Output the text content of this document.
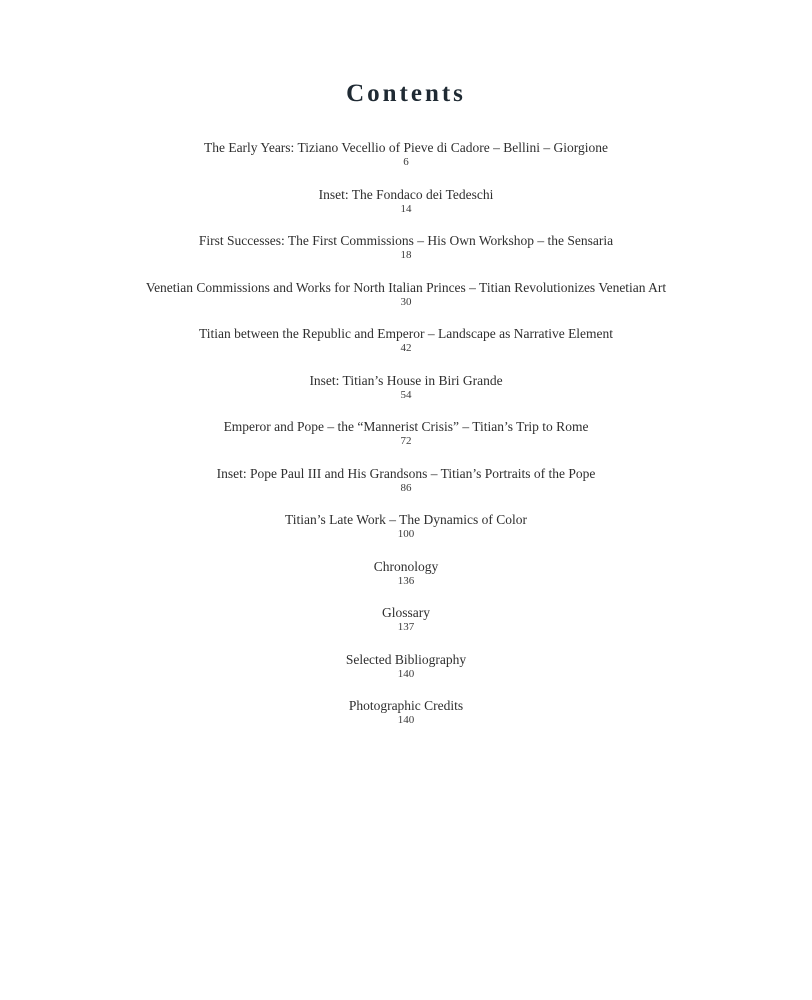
Contents
The Early Years: Tiziano Vecellio of Pieve di Cadore – Bellini – Giorgione
6
Inset: The Fondaco dei Tedeschi
14
First Successes: The First Commissions – His Own Workshop – the Sensaria
18
Venetian Commissions and Works for North Italian Princes – Titian Revolutionizes Venetian Art
30
Titian between the Republic and Emperor – Landscape as Narrative Element
42
Inset: Titian’s House in Biri Grande
54
Emperor and Pope – the “Mannerist Crisis” – Titian’s Trip to Rome
72
Inset: Pope Paul III and His Grandsons – Titian’s Portraits of the Pope
86
Titian’s Late Work – The Dynamics of Color
100
Chronology
136
Glossary
137
Selected Bibliography
140
Photographic Credits
140
